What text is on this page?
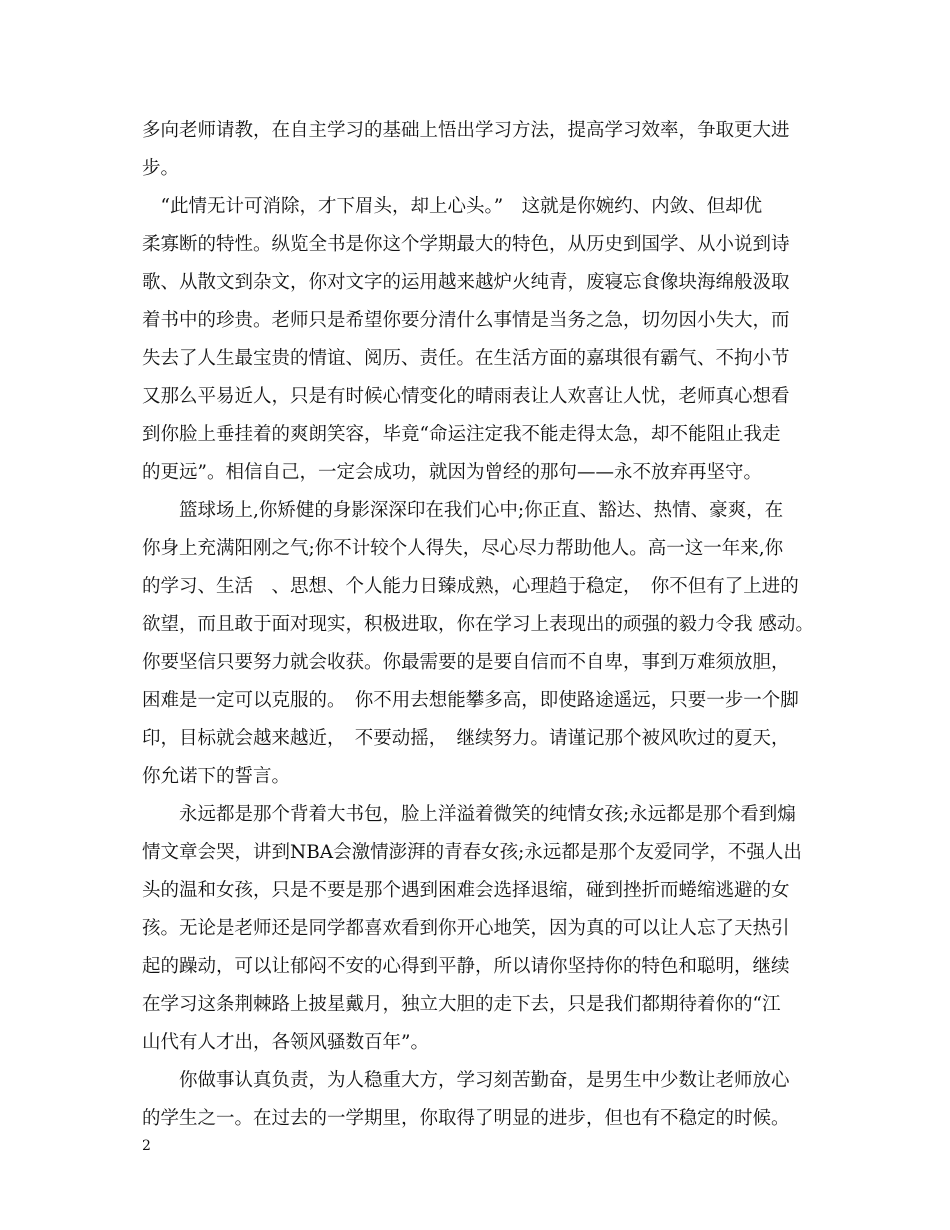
多向老师请教，在自主学习的基础上悟出学习方法，提高学习效率，争取更大进
步。
　“此情无计可消除，才下眉头，却上心头。”　这就是你婉约、内敛、但却优
柔寡断的特性。纵览全书是你这个学期最大的特色，从历史到国学、从小说到诗
歌、从散文到杂文，你对文字的运用越来越炉火纯青，废寝忘食像块海绵般汲取
着书中的珍贵。老师只是希望你要分清什么事情是当务之急，切勿因小失大，而
失去了人生最宝贵的情谊、阅历、责任。在生活方面的嘉琪很有霸气、不拘小节
又那么平易近人，只是有时候心情变化的晴雨表让人欢喜让人忧，老师真心想看
到你脸上垂挂着的爽朗笑容，毕竟“命运注定我不能走得太急，却不能阻止我走
的更远”。相信自己，一定会成功，就因为曾经的那句——永不放弃再坚守。
　　篮球场上,你矫健的身影深深印在我们心中;你正直、豁达、热情、豪爽，在
你身上充满阳刚之气;你不计较个人得失，尽心尽力帮助他人。高一这一年来,你
的学习、生活　、思想、个人能力日臻成熟，心理趋于稳定，　你不但有了上进的
欲望，而且敢于面对现实，积极进取，你在学习上表现出的顽强的毅力令我 感动。
你要坚信只要努力就会收获。你最需要的是要自信而不自卑，事到万难须放胆，
困难是一定可以克服的。　你不用去想能攀多高，即使路途遥远，只要一步一个脚
印，目标就会越来越近，　不要动摇，　继续努力。请谨记那个被风吹过的夏天，
你允诺下的誓言。
　　永远都是那个背着大书包，脸上洋溢着微笑的纯情女孩;永远都是那个看到煽
情文章会哭，讲到NBA会激情澎湃的青春女孩;永远都是那个友爱同学，不强人出
头的温和女孩，只是不要是那个遇到困难会选择退缩，碰到挫折而蜷缩逃避的女
孩。无论是老师还是同学都喜欢看到你开心地笑，因为真的可以让人忘了天热引
起的躁动，可以让郁闷不安的心得到平静，所以请你坚持你的特色和聪明，继续
在学习这条荆棘路上披星戴月，独立大胆的走下去，只是我们都期待着你的“江
山代有人才出，各领风骚数百年”。
　　你做事认真负责，为人稳重大方，学习刻苦勤奋，是男生中少数让老师放心
的学生之一。在过去的一学期里，你取得了明显的进步，但也有不稳定的时候。
2
